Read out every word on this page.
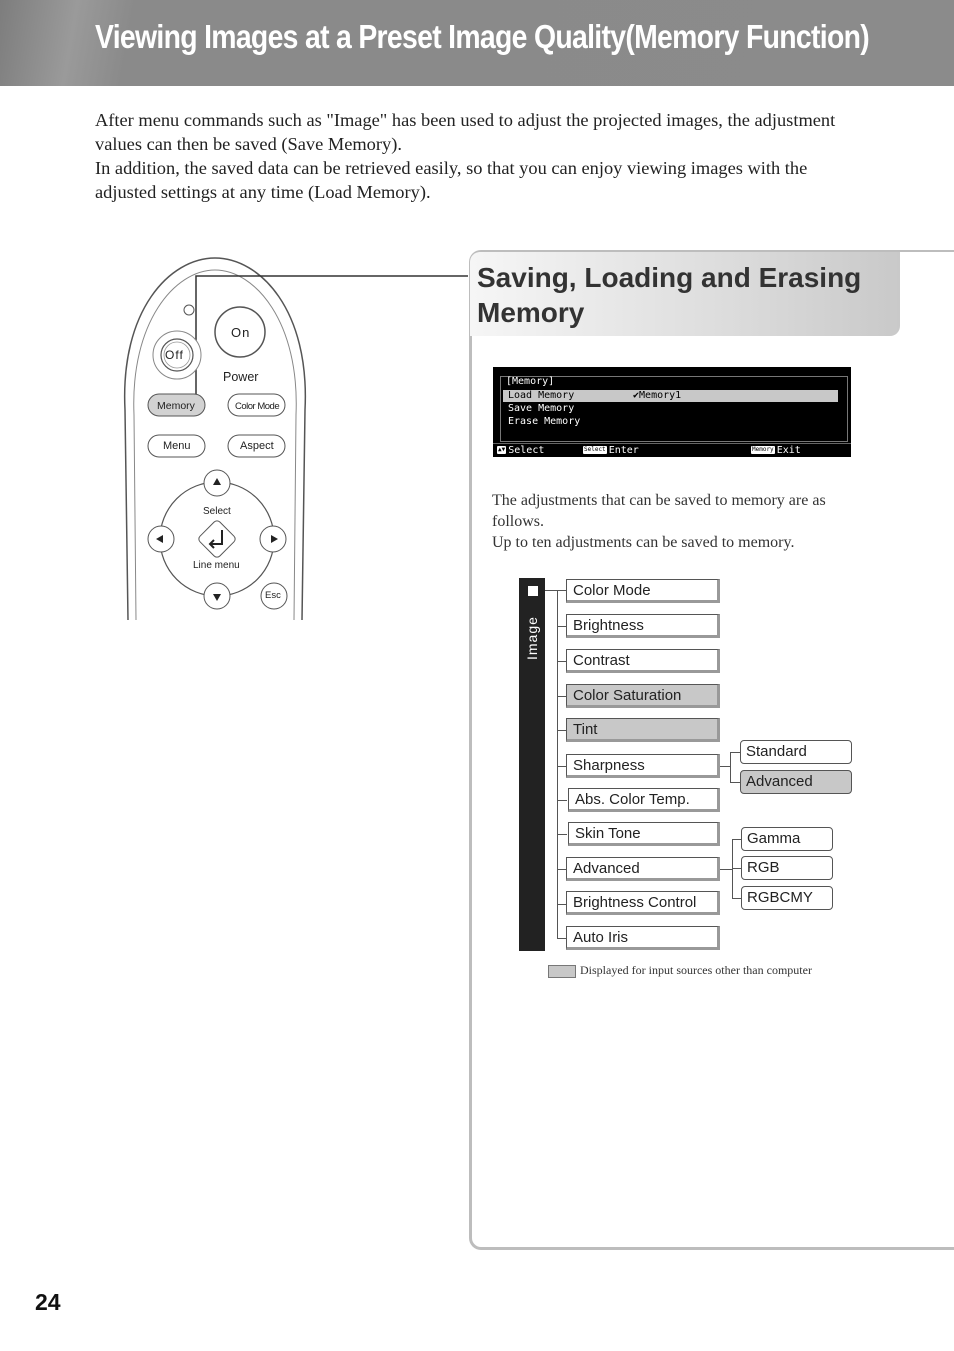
Viewing Images at a Preset Image Quality(Memory Function)
After menu commands such as "Image" has been used to adjust the projected images, the adjustment
values can then be saved (Save Memory).
In addition, the saved data can be retrieved easily, so that you can enjoy viewing images with the
adjusted settings at any time (Load Memory).
Off
On
Power
Memory	Color Mode
Menu	Aspect
Select
Line menu
Esc
Saving, Loading and Erasing
Memory
[Memory]
Load Memory	✔Memory1
Save Memory
Erase Memory
▲▼ Select	Select Enter	Memory Exit
The adjustments that can be saved to memory are as
follows.
Up to ten adjustments can be saved to memory.
Image
Color Mode
Brightness
Contrast
Color Saturation
Tint
Sharpness
Abs. Color Temp.
Skin Tone
Advanced
Brightness Control
Auto Iris
Standard
Advanced
Gamma
RGB
RGBCMY
Displayed for input sources other than computer
24
